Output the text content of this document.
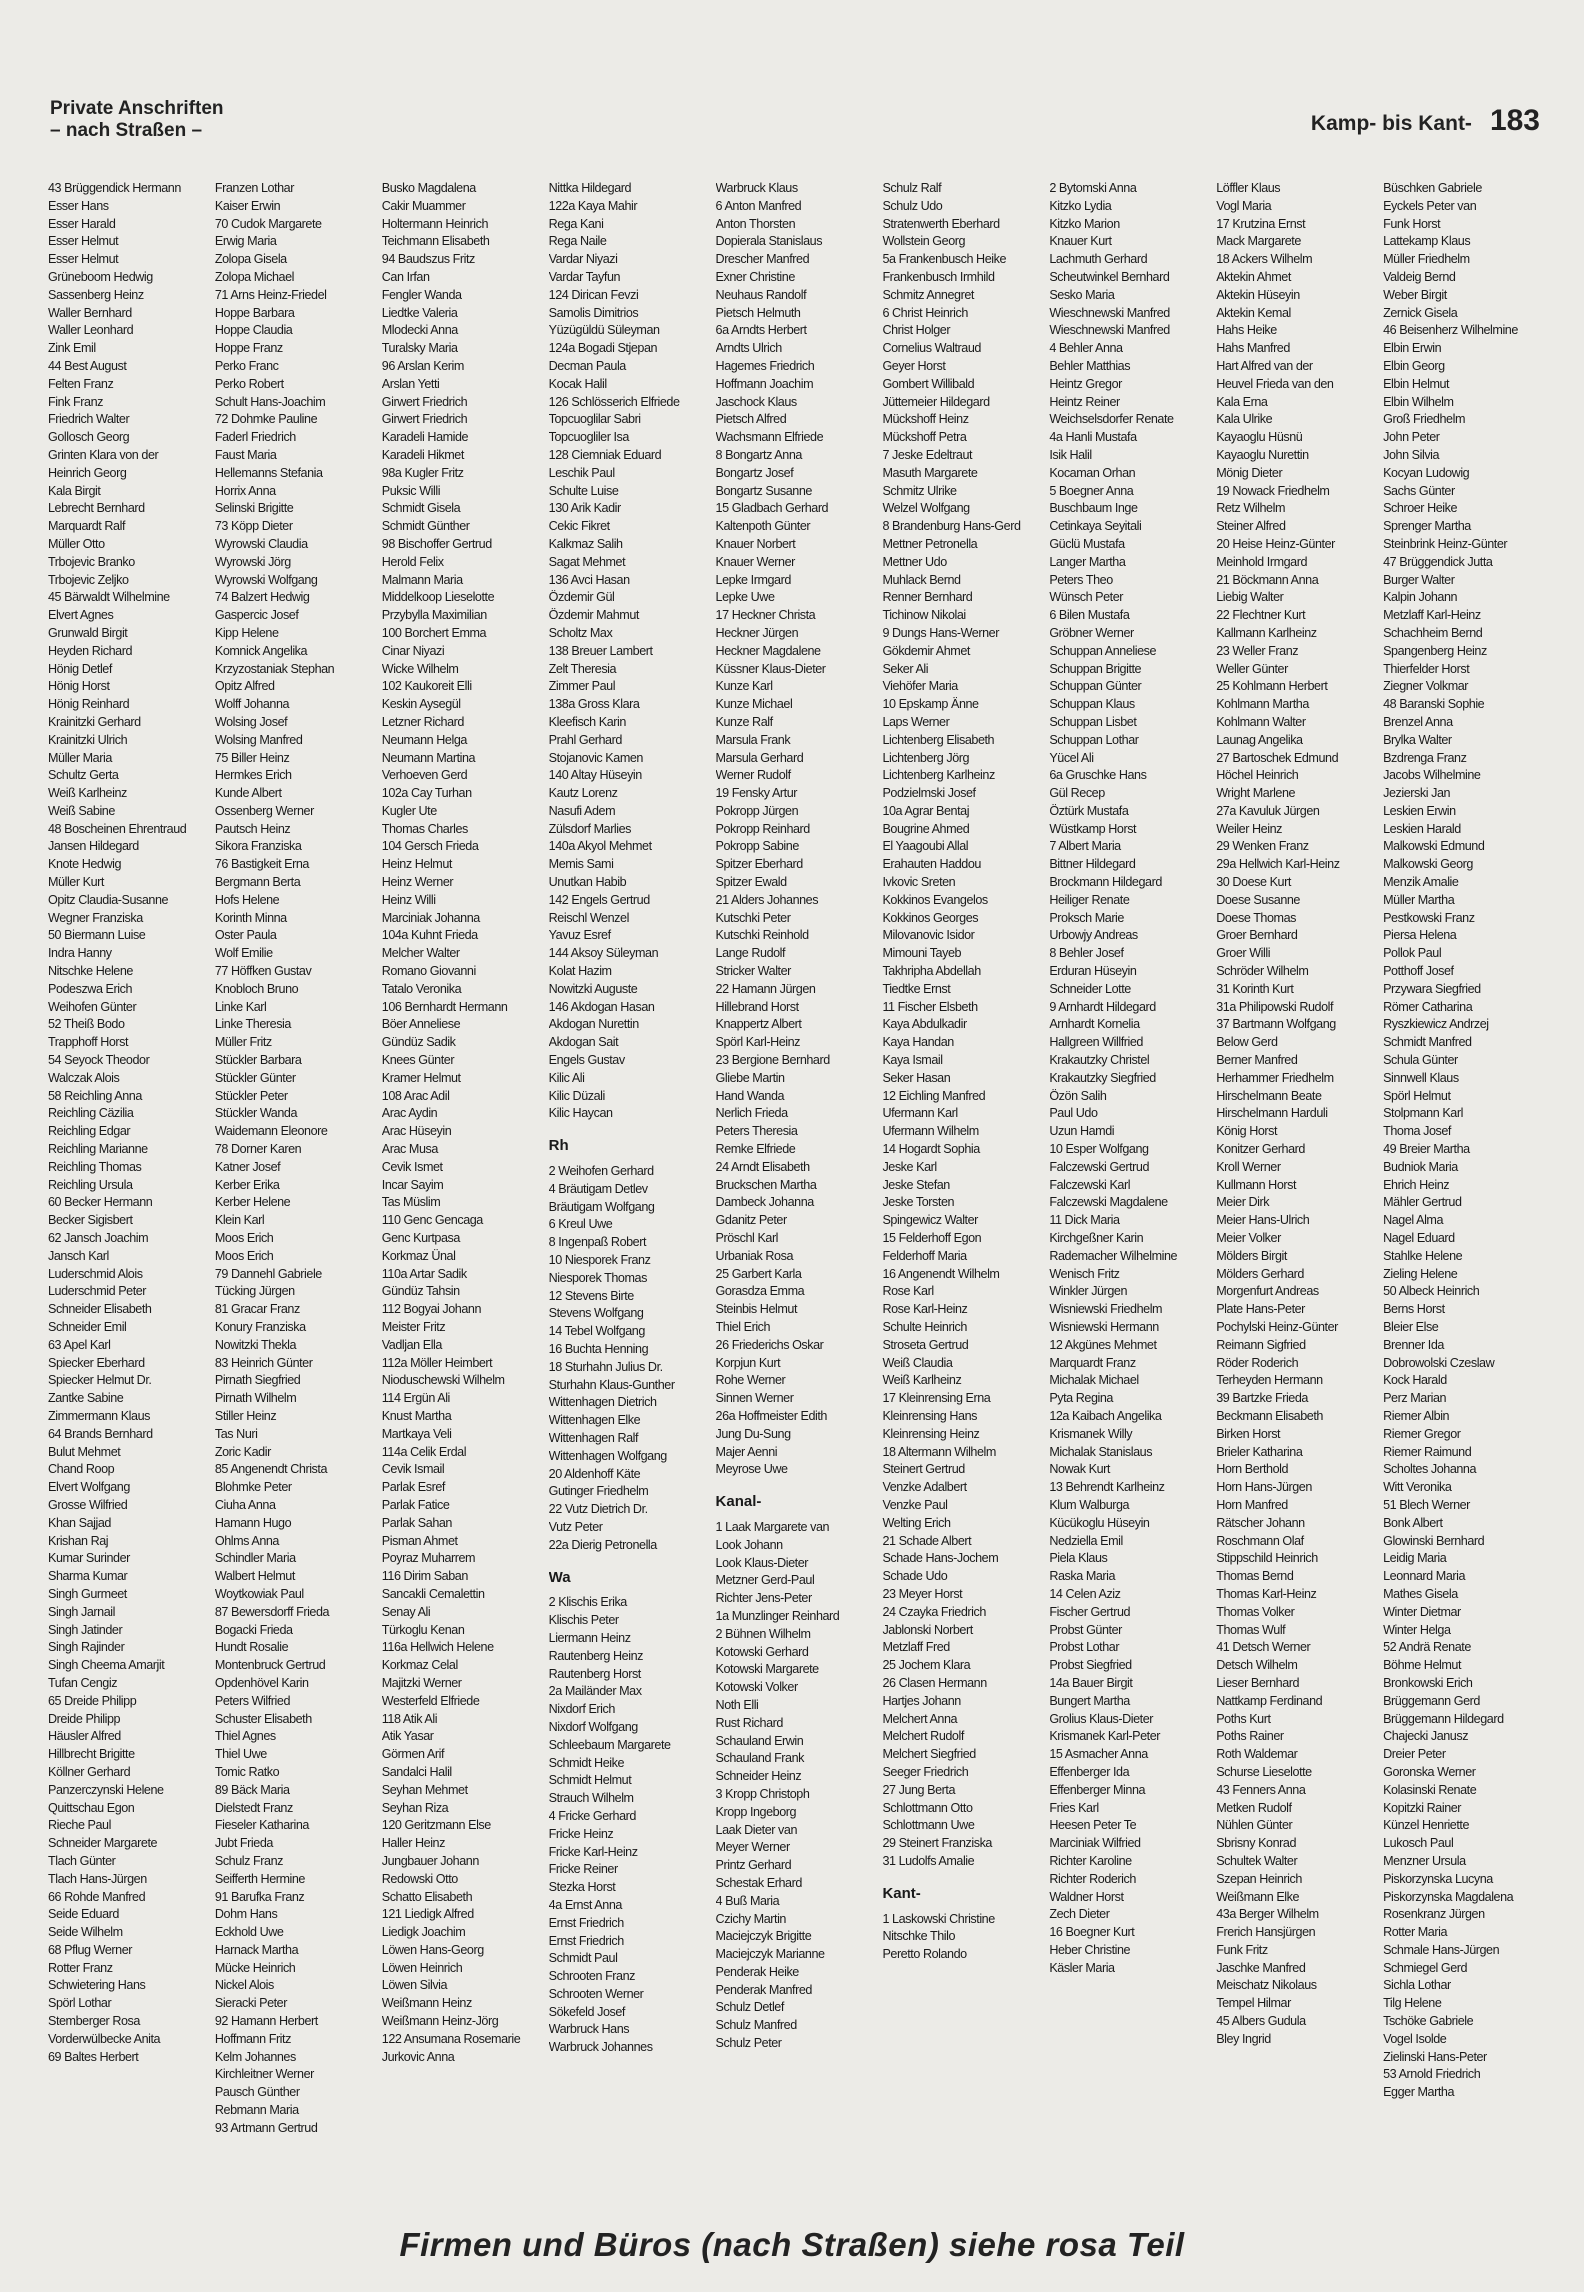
Private Anschriften
– nach Straßen –	Kamp- bis Kant- 183
43 Brüggendick Hermann
Esser Hans
Esser Harald
Esser Helmut
Esser Helmut
Grüneboom Hedwig
Sassenberg Heinz
Waller Bernhard
Waller Leonhard
Zink Emil
44 Best August
Felten Franz
Fink Franz
Friedrich Walter
Gollosch Georg
Grinten Klara von der
Heinrich Georg
Kala Birgit
Lebrecht Bernhard
Marquardt Ralf
Müller Otto
Trbojevic Branko
Trbojevic Zeljko
45 Bärwaldt Wilhelmine
Elvert Agnes
Grunwald Birgit
Heyden Richard
Hönig Detlef
Hönig Horst
Hönig Reinhard
Krainitzki Gerhard
Krainitzki Ulrich
Müller Maria
Schultz Gerta
Weiß Karlheinz
Weiß Sabine
48 Boscheinen Ehrentraud
Jansen Hildegard
Knote Hedwig
Müller Kurt
Opitz Claudia-Susanne
Wegner Franziska
50 Biermann Luise
Indra Hanny
Nitschke Helene
Podeszwa Erich
Weihofen Günter
52 Theiß Bodo
Trapphoff Horst
54 Seyock Theodor
Walczak Alois
58 Reichling Anna
Reichling Cäzilia
Reichling Edgar
Reichling Marianne
Reichling Thomas
Reichling Ursula
60 Becker Hermann
Becker Sigisbert
62 Jansch Joachim
Jansch Karl
Luderschmid Alois
Luderschmid Peter
Schneider Elisabeth
Schneider Emil
63 Apel Karl
Spiecker Eberhard
Spiecker Helmut Dr.
Zantke Sabine
Zimmermann Klaus
64 Brands Bernhard
Bulut Mehmet
Chand Roop
Elvert Wolfgang
Grosse Wilfried
Khan Sajjad
Krishan Raj
Kumar Surinder
Sharma Kumar
Singh Gurmeet
Singh Jarnail
Singh Jatinder
Singh Rajinder
Singh Cheema Amarjit
Tufan Cengiz
65 Dreide Philipp
Dreide Philipp
Häusler Alfred
Hillbrecht Brigitte
Köllner Gerhard
Panzerczynski Helene
Quittschau Egon
Rieche Paul
Schneider Margarete
Tlach Günter
Tlach Hans-Jürgen
66 Rohde Manfred
Seide Eduard
Seide Wilhelm
68 Pflug Werner
Rotter Franz
Schwietering Hans
Spörl Lothar
Stemberger Rosa
Vorderwülbecke Anita
69 Baltes Herbert
Franzen Lothar
Kaiser Erwin
70 Cudok Margarete
Erwig Maria
Zolopa Gisela
Zolopa Michael
71 Arns Heinz-Friedel
Hoppe Barbara
Hoppe Claudia
Hoppe Franz
Perko Franc
Perko Robert
Schult Hans-Joachim
72 Dohmke Pauline
Faderl Friedrich
Faust Maria
Hellemanns Stefania
Horrix Anna
Selinski Brigitte
73 Köpp Dieter
Wyrowski Claudia
Wyrowski Jörg
Wyrowski Wolfgang
74 Balzert Hedwig
Gaspercic Josef
Kipp Helene
Komnick Angelika
Krzyzostaniak Stephan
Opitz Alfred
Wolff Johanna
Wolsing Josef
Wolsing Manfred
75 Biller Heinz
Hermkes Erich
Kunde Albert
Ossenberg Werner
Pautsch Heinz
Sikora Franziska
76 Bastigkeit Erna
Bergmann Berta
Hofs Helene
Korinth Minna
Oster Paula
Wolf Emilie
77 Höffken Gustav
Knobloch Bruno
Linke Karl
Linke Theresia
Müller Fritz
Stückler Barbara
Stückler Günter
Stückler Peter
Stückler Wanda
Waidemann Eleonore
78 Dorner Karen
Katner Josef
Kerber Erika
Kerber Helene
Klein Karl
Moos Erich
Moos Erich
79 Dannehl Gabriele
Tücking Jürgen
81 Gracar Franz
Konury Franziska
Nowitzki Thekla
83 Heinrich Günter
Pirnath Siegfried
Pirnath Wilhelm
Stiller Heinz
Tas Nuri
Zoric Kadir
85 Angenendt Christa
Blohmke Peter
Ciuha Anna
Hamann Hugo
Ohlms Anna
Schindler Maria
Walbert Helmut
Woytkowiak Paul
87 Bewersdorff Frieda
Bogacki Frieda
Hundt Rosalie
Montenbruck Gertrud
Opdenhövel Karin
Peters Wilfried
Schuster Elisabeth
Thiel Agnes
Thiel Uwe
Tomic Ratko
89 Bäck Maria
Dielstedt Franz
Fieseler Katharina
Jubt Frieda
Schulz Franz
Seifferth Hermine
91 Barufka Franz
Dohm Hans
Eckhold Uwe
Harnack Martha
Mücke Heinrich
Nickel Alois
Sieracki Peter
92 Hamann Herbert
Hoffmann Fritz
Kelm Johannes
Kirchleitner Werner
Pausch Günther
Rebmann Maria
93 Artmann Gertrud
Busko Magdalena
Cakir Muammer
Holtermann Heinrich
Teichmann Elisabeth
94 Baudszus Fritz
Can Irfan
Fengler Wanda
Liedtke Valeria
Mlodecki Anna
Turalsky Maria
96 Arslan Kerim
Arslan Yetti
Girwert Friedrich
Girwert Friedrich
Karadeli Hamide
Karadeli Hikmet
98a Kugler Fritz
Puksic Willi
Schmidt Gisela
Schmidt Günther
98 Bischoffer Gertrud
Herold Felix
Malmann Maria
Middelkoop Lieselotte
Przybylla Maximilian
100 Borchert Emma
Cinar Niyazi
Wicke Wilhelm
102 Kaukoreit Elli
Keskin Aysegül
Letzner Richard
Neumann Helga
Neumann Martina
Verhoeven Gerd
102a Cay Turhan
Kugler Ute
Thomas Charles
104 Gersch Frieda
Heinz Helmut
Heinz Werner
Heinz Willi
Marciniak Johanna
104a Kuhnt Frieda
Melcher Walter
Romano Giovanni
Tatalo Veronika
106 Bernhardt Hermann
Böer Anneliese
Gündüz Sadik
Knees Günter
Kramer Helmut
108 Arac Adil
Arac Aydin
Arac Hüseyin
Arac Musa
Cevik Ismet
Incar Sayim
Tas Müslim
110 Genc Gencaga
Genc Kurtpasa
Korkmaz Ünal
110a Artar Sadik
Gündüz Tahsin
112 Bogyai Johann
Meister Fritz
Vadljan Ella
112a Möller Heimbert
Nioduschewski Wilhelm
114 Ergün Ali
Knust Martha
Martkaya Veli
114a Celik Erdal
Cevik Ismail
Parlak Esref
Parlak Fatice
Parlak Sahan
Pisman Ahmet
Poyraz Muharrem
116 Dirim Saban
Sancakli Cemalettin
Senay Ali
Türkoglu Kenan
116a Hellwich Helene
Korkmaz Celal
Majitzki Werner
Westerfeld Elfriede
118 Atik Ali
Atik Yasar
Görmen Arif
Sandalci Halil
Seyhan Mehmet
Seyhan Riza
120 Geritzmann Else
Haller Heinz
Jungbauer Johann
Redowski Otto
Schatto Elisabeth
121 Liedigk Alfred
Liedigk Joachim
Löwen Hans-Georg
Löwen Heinrich
Löwen Silvia
Weißmann Heinz
Weißmann Heinz-Jörg
122 Ansumana Rosemarie
Jurkovic Anna
Nittka Hildegard
122a Kaya Mahir
Rega Kani
Rega Naile
Vardar Niyazi
Vardar Tayfun
124 Dirican Fevzi
Samolis Dimitrios
Yüzügüldü Süleyman
124a Bogadi Stjepan
Decman Paula
Kocak Halil
126 Schlösserich Elfriede
Topcuoglilar Sabri
Topcuogliler Isa
128 Ciemniak Eduard
Leschik Paul
Schulte Luise
130 Arik Kadir
Cekic Fikret
Kalkmaz Salih
Sagat Mehmet
136 Avci Hasan
Özdemir Gül
Özdemir Mahmut
Scholtz Max
138 Breuer Lambert
Zelt Theresia
Zimmer Paul
138a Gross Klara
Kleefisch Karin
Prahl Gerhard
Stojanovic Kamen
140 Altay Hüseyin
Kautz Lorenz
Nasufi Adem
Zülsdorf Marlies
140a Akyol Mehmet
Memis Sami
Unutkan Habib
142 Engels Gertrud
Reischl Wenzel
Yavuz Esref
144 Aksoy Süleyman
Kolat Hazim
Nowitzki Auguste
146 Akdogan Hasan
Akdogan Nurettin
Akdogan Sait
Engels Gustav
Kilic Ali
Kilic Düzali
Kilic Haycan
Rh
2 Weihofen Gerhard
4 Bräutigam Detlev
Bräutigam Wolfgang
6 Kreul Uwe
8 Ingenpaß Robert
10 Niesporek Franz
Niesporek Thomas
12 Stevens Birte
Stevens Wolfgang
14 Tebel Wolfgang
16 Buchta Henning
18 Sturhahn Julius Dr.
Sturhahn Klaus-Gunther
Wittenhagen Dietrich
Wittenhagen Elke
Wittenhagen Ralf
Wittenhagen Wolfgang
20 Aldenhoff Käte
Gutinger Friedhelm
22 Vutz Dietrich Dr.
Vutz Peter
22a Dierig Petronella
Wa
2 Klischis Erika
Klischis Peter
Liermann Heinz
Rautenberg Heinz
Rautenberg Horst
2a Mailänder Max
Nixdorf Erich
Nixdorf Wolfgang
Schleebaum Margarete
Schmidt Heike
Schmidt Helmut
Strauch Wilhelm
4 Fricke Gerhard
Fricke Heinz
Fricke Karl-Heinz
Fricke Reiner
Stezka Horst
4a Ernst Anna
Ernst Friedrich
Ernst Friedrich
Schmidt Paul
Schrooten Franz
Schrooten Werner
Sökefeld Josef
Warbruck Hans
Warbruck Johannes
Warbruck Klaus
6 Anton Manfred
Anton Thorsten
Dopierala Stanislaus
Drescher Manfred
Exner Christine
Neuhaus Randolf
Pietsch Helmuth
6a Arndts Herbert
Arndts Ulrich
Hagemes Friedrich
Hoffmann Joachim
Jaschock Klaus
Pietsch Alfred
Wachsmann Elfriede
8 Bongartz Anna
Bongartz Josef
Bongartz Susanne
15 Gladbach Gerhard
Kaltenpoth Günter
Knauer Norbert
Knauer Werner
Lepke Irmgard
Lepke Uwe
17 Heckner Christa
Heckner Jürgen
Heckner Magdalene
Küssner Klaus-Dieter
Kunze Karl
Kunze Michael
Kunze Ralf
Marsula Frank
Marsula Gerhard
Werner Rudolf
19 Fensky Artur
Pokropp Jürgen
Pokropp Reinhard
Pokropp Sabine
Spitzer Eberhard
Spitzer Ewald
21 Alders Johannes
Kutschki Peter
Kutschki Reinhold
Lange Rudolf
Stricker Walter
22 Hamann Jürgen
Hillebrand Horst
Knappertz Albert
Spörl Karl-Heinz
23 Bergione Bernhard
Gliebe Martin
Hand Wanda
Nerlich Frieda
Peters Theresia
Remke Elfriede
24 Arndt Elisabeth
Bruckschen Martha
Dambeck Johanna
Gdanitz Peter
Pröschl Karl
Urbaniak Rosa
25 Garbert Karla
Gorasdza Emma
Steinbis Helmut
Thiel Erich
26 Friederichs Oskar
Korpjun Kurt
Rohe Werner
Sinnen Werner
26a Hoffmeister Edith
Jung Du-Sung
Majer Aenni
Meyrose Uwe
Kanal-
1 Laak Margarete van
Look Johann
Look Klaus-Dieter
Metzner Gerd-Paul
Richter Jens-Peter
1a Munzlinger Reinhard
2 Bühnen Wilhelm
Kotowski Gerhard
Kotowski Margarete
Kotowski Volker
Noth Elli
Rust Richard
Schauland Erwin
Schauland Frank
Schneider Heinz
3 Kropp Christoph
Kropp Ingeborg
Laak Dieter van
Meyer Werner
Printz Gerhard
Schestak Erhard
4 Buß Maria
Czichy Martin
Maciejczyk Brigitte
Maciejczyk Marianne
Penderak Heike
Penderak Manfred
Schulz Detlef
Schulz Manfred
Schulz Peter
Schulz Ralf
Schulz Udo
Stratenwerth Eberhard
Wollstein Georg
5a Frankenbusch Heike
Frankenbusch Irmhild
Schmitz Annegret
6 Christ Heinrich
Christ Holger
Cornelius Waltraud
Geyer Horst
Gombert Willibald
Jüttemeier Hildegard
Mückshoff Heinz
Mückshoff Petra
7 Jeske Edeltraut
Masuth Margarete
Schmitz Ulrike
Welzel Wolfgang
8 Brandenburg Hans-Gerd
Mettner Petronella
Mettner Udo
Muhlack Bernd
Renner Bernhard
Tichinow Nikolai
9 Dungs Hans-Werner
Gökdemir Ahmet
Seker Ali
Viehöfer Maria
10 Epskamp Änne
Laps Werner
Lichtenberg Elisabeth
Lichtenberg Jörg
Lichtenberg Karlheinz
Podzielmski Josef
10a Agrar Bentaj
Bougrine Ahmed
El Yaagoubi Allal
Erahauten Haddou
Ivkovic Sreten
Kokkinos Evangelos
Kokkinos Georges
Milovanovic Isidor
Mimouni Tayeb
Takhripha Abdellah
Tiedtke Ernst
11 Fischer Elsbeth
Kaya Abdulkadir
Kaya Handan
Kaya Ismail
Seker Hasan
12 Eichling Manfred
Ufermann Karl
Ufermann Wilhelm
14 Hogardt Sophia
Jeske Karl
Jeske Stefan
Jeske Torsten
Spingewicz Walter
15 Felderhoff Egon
Felderhoff Maria
16 Angenendt Wilhelm
Rose Karl
Rose Karl-Heinz
Schulte Heinrich
Stroseta Gertrud
Weiß Claudia
Weiß Karlheinz
17 Kleinrensing Erna
Kleinrensing Hans
Kleinrensing Heinz
18 Altermann Wilhelm
Steinert Gertrud
Venzke Adalbert
Venzke Paul
Welting Erich
21 Schade Albert
Schade Hans-Jochem
Schade Udo
23 Meyer Horst
24 Czayka Friedrich
Jablonski Norbert
Metzlaff Fred
25 Jochem Klara
26 Clasen Hermann
Hartjes Johann
Melchert Anna
Melchert Rudolf
Melchert Siegfried
Seeger Friedrich
27 Jung Berta
Schlottmann Otto
Schlottmann Uwe
29 Steinert Franziska
31 Ludolfs Amalie
Kant-
1 Laskowski Christine
Nitschke Thilo
Peretto Rolando
2 Bytomski Anna
Kitzko Lydia
Kitzko Marion
Knauer Kurt
Lachmuth Gerhard
Scheutwinkel Bernhard
Sesko Maria
Wieschnewski Manfred
Wieschnewski Manfred
4 Behler Anna
Behler Matthias
Heintz Gregor
Heintz Reiner
Weichselsdorfer Renate
4a Hanli Mustafa
Isik Halil
Kocaman Orhan
5 Boegner Anna
Buschbaum Inge
Cetinkaya Seyitali
Güclü Mustafa
Langer Martha
Peters Theo
Wünsch Peter
6 Bilen Mustafa
Gröbner Werner
Schuppan Anneliese
Schuppan Brigitte
Schuppan Günter
Schuppan Klaus
Schuppan Lisbet
Schuppan Lothar
Yücel Ali
6a Gruschke Hans
Gül Recep
Öztürk Mustafa
Wüstkamp Horst
7 Albert Maria
Bittner Hildegard
Brockmann Hildegard
Heiliger Renate
Proksch Marie
Urbowjy Andreas
8 Behler Josef
Erduran Hüseyin
Schneider Lotte
9 Arnhardt Hildegard
Arnhardt Kornelia
Hallgreen Willfried
Krakautzky Christel
Krakautzky Siegfried
Özön Salih
Paul Udo
Uzun Hamdi
10 Esper Wolfgang
Falczewski Gertrud
Falczewski Karl
Falczewski Magdalene
11 Dick Maria
Kirchgeßner Karin
Rademacher Wilhelmine
Wenisch Fritz
Winkler Jürgen
Wisniewski Friedhelm
Wisniewski Hermann
12 Akgünes Mehmet
Marquardt Franz
Michalak Michael
Pyta Regina
12a Kaibach Angelika
Krismanek Willy
Michalak Stanislaus
Nowak Kurt
13 Behrendt Karlheinz
Klum Walburga
Kücükoglu Hüseyin
Nedziella Emil
Piela Klaus
Raska Maria
14 Celen Aziz
Fischer Gertrud
Probst Günter
Probst Lothar
Probst Siegfried
14a Bauer Birgit
Bungert Martha
Grolius Klaus-Dieter
Krismanek Karl-Peter
15 Asmacher Anna
Effenberger Ida
Effenberger Minna
Fries Karl
Heesen Peter Te
Marciniak Wilfried
Richter Karoline
Richter Roderich
Waldner Horst
Zech Dieter
16 Boegner Kurt
Heber Christine
Käsler Maria
Löffler Klaus
Vogl Maria
17 Krutzina Ernst
Mack Margarete
18 Ackers Wilhelm
Aktekin Ahmet
Aktekin Hüseyin
Aktekin Kemal
Hahs Heike
Hahs Manfred
Hart Alfred van der
Heuvel Frieda van den
Kala Erna
Kala Ulrike
Kayaoglu Hüsnü
Kayaoglu Nurettin
Mönig Dieter
19 Nowack Friedhelm
Retz Wilhelm
Steiner Alfred
20 Heise Heinz-Günter
Meinhold Irmgard
21 Böckmann Anna
Liebig Walter
22 Flechtner Kurt
Kallmann Karlheinz
23 Weller Franz
Weller Günter
25 Kohlmann Herbert
Kohlmann Martha
Kohlmann Walter
Launag Angelika
27 Bartoschek Edmund
Höchel Heinrich
Wright Marlene
27a Kavuluk Jürgen
Weiler Heinz
29 Wenken Franz
29a Hellwich Karl-Heinz
30 Doese Kurt
Doese Susanne
Doese Thomas
Groer Bernhard
Groer Willi
Schröder Wilhelm
31 Korinth Kurt
31a Philipowski Rudolf
37 Bartmann Wolfgang
Below Gerd
Berner Manfred
Herhammer Friedhelm
Hirschelmann Beate
Hirschelmann Harduli
König Horst
Konitzer Gerhard
Kroll Werner
Kullmann Horst
Meier Dirk
Meier Hans-Ulrich
Meier Volker
Mölders Birgit
Mölders Gerhard
Morgenfurt Andreas
Plate Hans-Peter
Pochylski Heinz-Günter
Reimann Sigfried
Röder Roderich
Terheyden Hermann
39 Bartzke Frieda
Beckmann Elisabeth
Birken Horst
Brieler Katharina
Horn Berthold
Horn Hans-Jürgen
Horn Manfred
Rätscher Johann
Roschmann Olaf
Stippschild Heinrich
Thomas Bernd
Thomas Karl-Heinz
Thomas Volker
Thomas Wulf
41 Detsch Werner
Detsch Wilhelm
Lieser Bernhard
Nattkamp Ferdinand
Poths Kurt
Poths Rainer
Roth Waldemar
Schurse Lieselotte
43 Fenners Anna
Metken Rudolf
Nühlen Günter
Sbrisny Konrad
Schultek Walter
Szepan Heinrich
Weißmann Elke
43a Berger Wilhelm
Frerich Hansjürgen
Funk Fritz
Jaschke Manfred
Meischatz Nikolaus
Tempel Hilmar
45 Albers Gudula
Bley Ingrid
Büschken Gabriele
Eyckels Peter van
Funk Horst
Lattekamp Klaus
Müller Friedhelm
Valdeig Bernd
Weber Birgit
Zernick Gisela
46 Beisenherz Wilhelmine
Elbin Erwin
Elbin Georg
Elbin Helmut
Elbin Wilhelm
Groß Friedhelm
John Peter
John Silvia
Kocyan Ludowig
Sachs Günter
Schroer Heike
Sprenger Martha
Steinbrink Heinz-Günter
47 Brüggendick Jutta
Burger Walter
Kalpin Johann
Metzlaff Karl-Heinz
Schachheim Bernd
Spangenberg Heinz
Thierfelder Horst
Ziegner Volkmar
48 Baranski Sophie
Brenzel Anna
Brylka Walter
Bzdrenga Franz
Jacobs Wilhelmine
Jezierski Jan
Leskien Erwin
Leskien Harald
Malkowski Edmund
Malkowski Georg
Menzik Amalie
Müller Martha
Pestkowski Franz
Piersa Helena
Pollok Paul
Potthoff Josef
Przywara Siegfried
Römer Catharina
Ryszkiewicz Andrzej
Schmidt Manfred
Schula Günter
Sinnwell Klaus
Spörl Helmut
Stolpmann Karl
Thoma Josef
49 Breier Martha
Budniok Maria
Ehrich Heinz
Mähler Gertrud
Nagel Alma
Nagel Eduard
Stahlke Helene
Zieling Helene
50 Albeck Heinrich
Berns Horst
Bleier Else
Brenner Ida
Dobrowolski Czeslaw
Kock Harald
Perz Marian
Riemer Albin
Riemer Gregor
Riemer Raimund
Scholtes Johanna
Witt Veronika
51 Blech Werner
Bonk Albert
Glowinski Bernhard
Leidig Maria
Leonnard Maria
Mathes Gisela
Winter Dietmar
Winter Helga
52 Andrä Renate
Böhme Helmut
Bronkowski Erich
Brüggemann Gerd
Brüggemann Hildegard
Chajecki Janusz
Dreier Peter
Goronska Werner
Kolasinski Renate
Kopitzki Rainer
Künzel Henriette
Lukosch Paul
Menzner Ursula
Piskorzynska Lucyna
Piskorzynska Magdalena
Rosenkranz Jürgen
Rotter Maria
Schmale Hans-Jürgen
Schmiegel Gerd
Sichla Lothar
Tilg Helene
Tschöke Gabriele
Vogel Isolde
Zielinski Hans-Peter
53 Arnold Friedrich
Egger Martha
Firmen und Büros (nach Straßen) siehe rosa Teil
